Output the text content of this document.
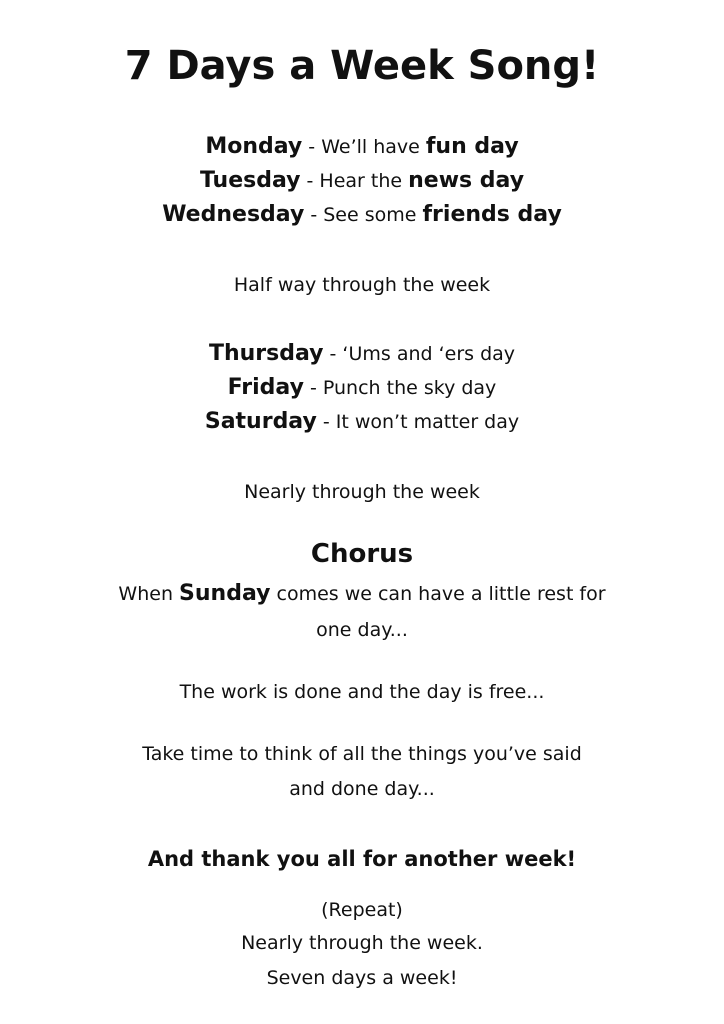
7 Days a Week Song!
Monday - We’ll have fun day
Tuesday - Hear the news day
Wednesday - See some friends day
Half way through the week
Thursday - ‘Ums and ‘ers day
Friday - Punch the sky day
Saturday - It won’t matter day
Nearly through the week
Chorus
When Sunday comes we can have a little rest for
one day...
The work is done and the day is free...
Take time to think of all the things you’ve said
and done day...
And thank you all for another week!
(Repeat)
Nearly through the week.
Seven days a week!
